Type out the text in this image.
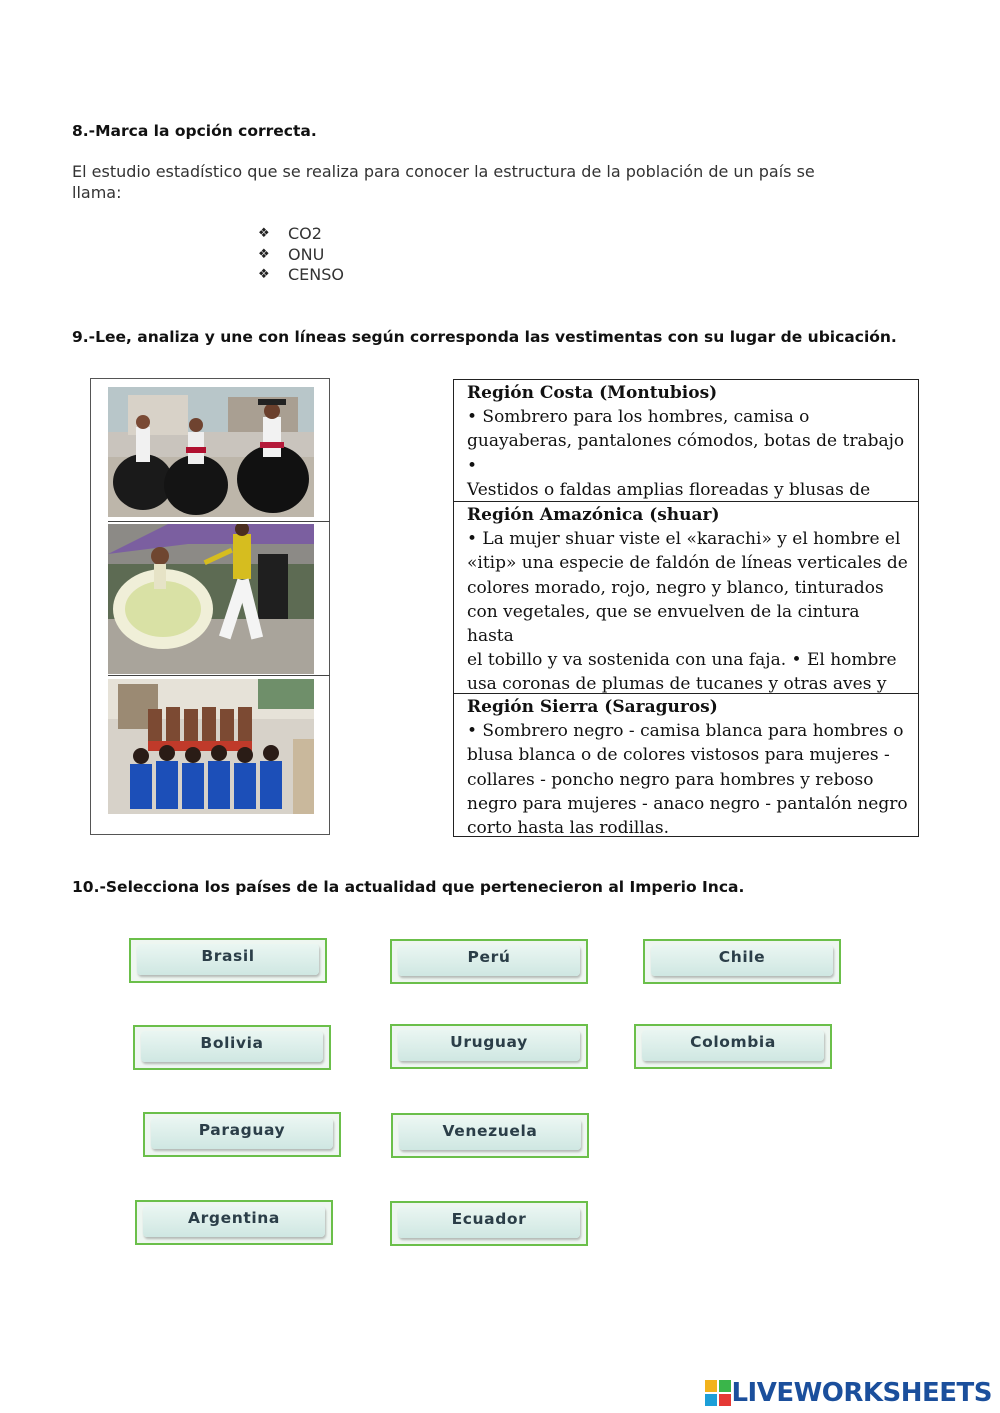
8.-Marca la opción correcta.
El estudio estadístico que se realiza para conocer la estructura de la población de un país se
llama:
❖	CO2
❖	ONU
❖	CENSO
9.-Lee, analiza y une con líneas según corresponda las vestimentas con su lugar de ubicación.
Región Costa (Montubios)
• Sombrero para los hombres, camisa o
guayaberas, pantalones cómodos, botas de trabajo •
Vestidos o faldas amplias floreadas y blusas de
Región Amazónica (shuar)
• La mujer shuar viste el «karachi» y el hombre el
«itip» una especie de faldón de líneas verticales de
colores morado, rojo, negro y blanco, tinturados
con vegetales, que se envuelven de la cintura hasta
el tobillo y va sostenida con una faja. • El hombre
usa coronas de plumas de tucanes y otras aves y
Región Sierra (Saraguros)
• Sombrero negro - camisa blanca para hombres o
blusa blanca o de colores vistosos para mujeres -
collares - poncho negro para hombres y reboso
negro para mujeres - anaco negro - pantalón negro
corto hasta las rodillas.
10.-Selecciona los países de la actualidad que pertenecieron al Imperio Inca.
Brasil	Perú	Chile
Bolivia	Uruguay	Colombia
Paraguay	Venezuela
Argentina	Ecuador
LIVEWORKSHEETS
